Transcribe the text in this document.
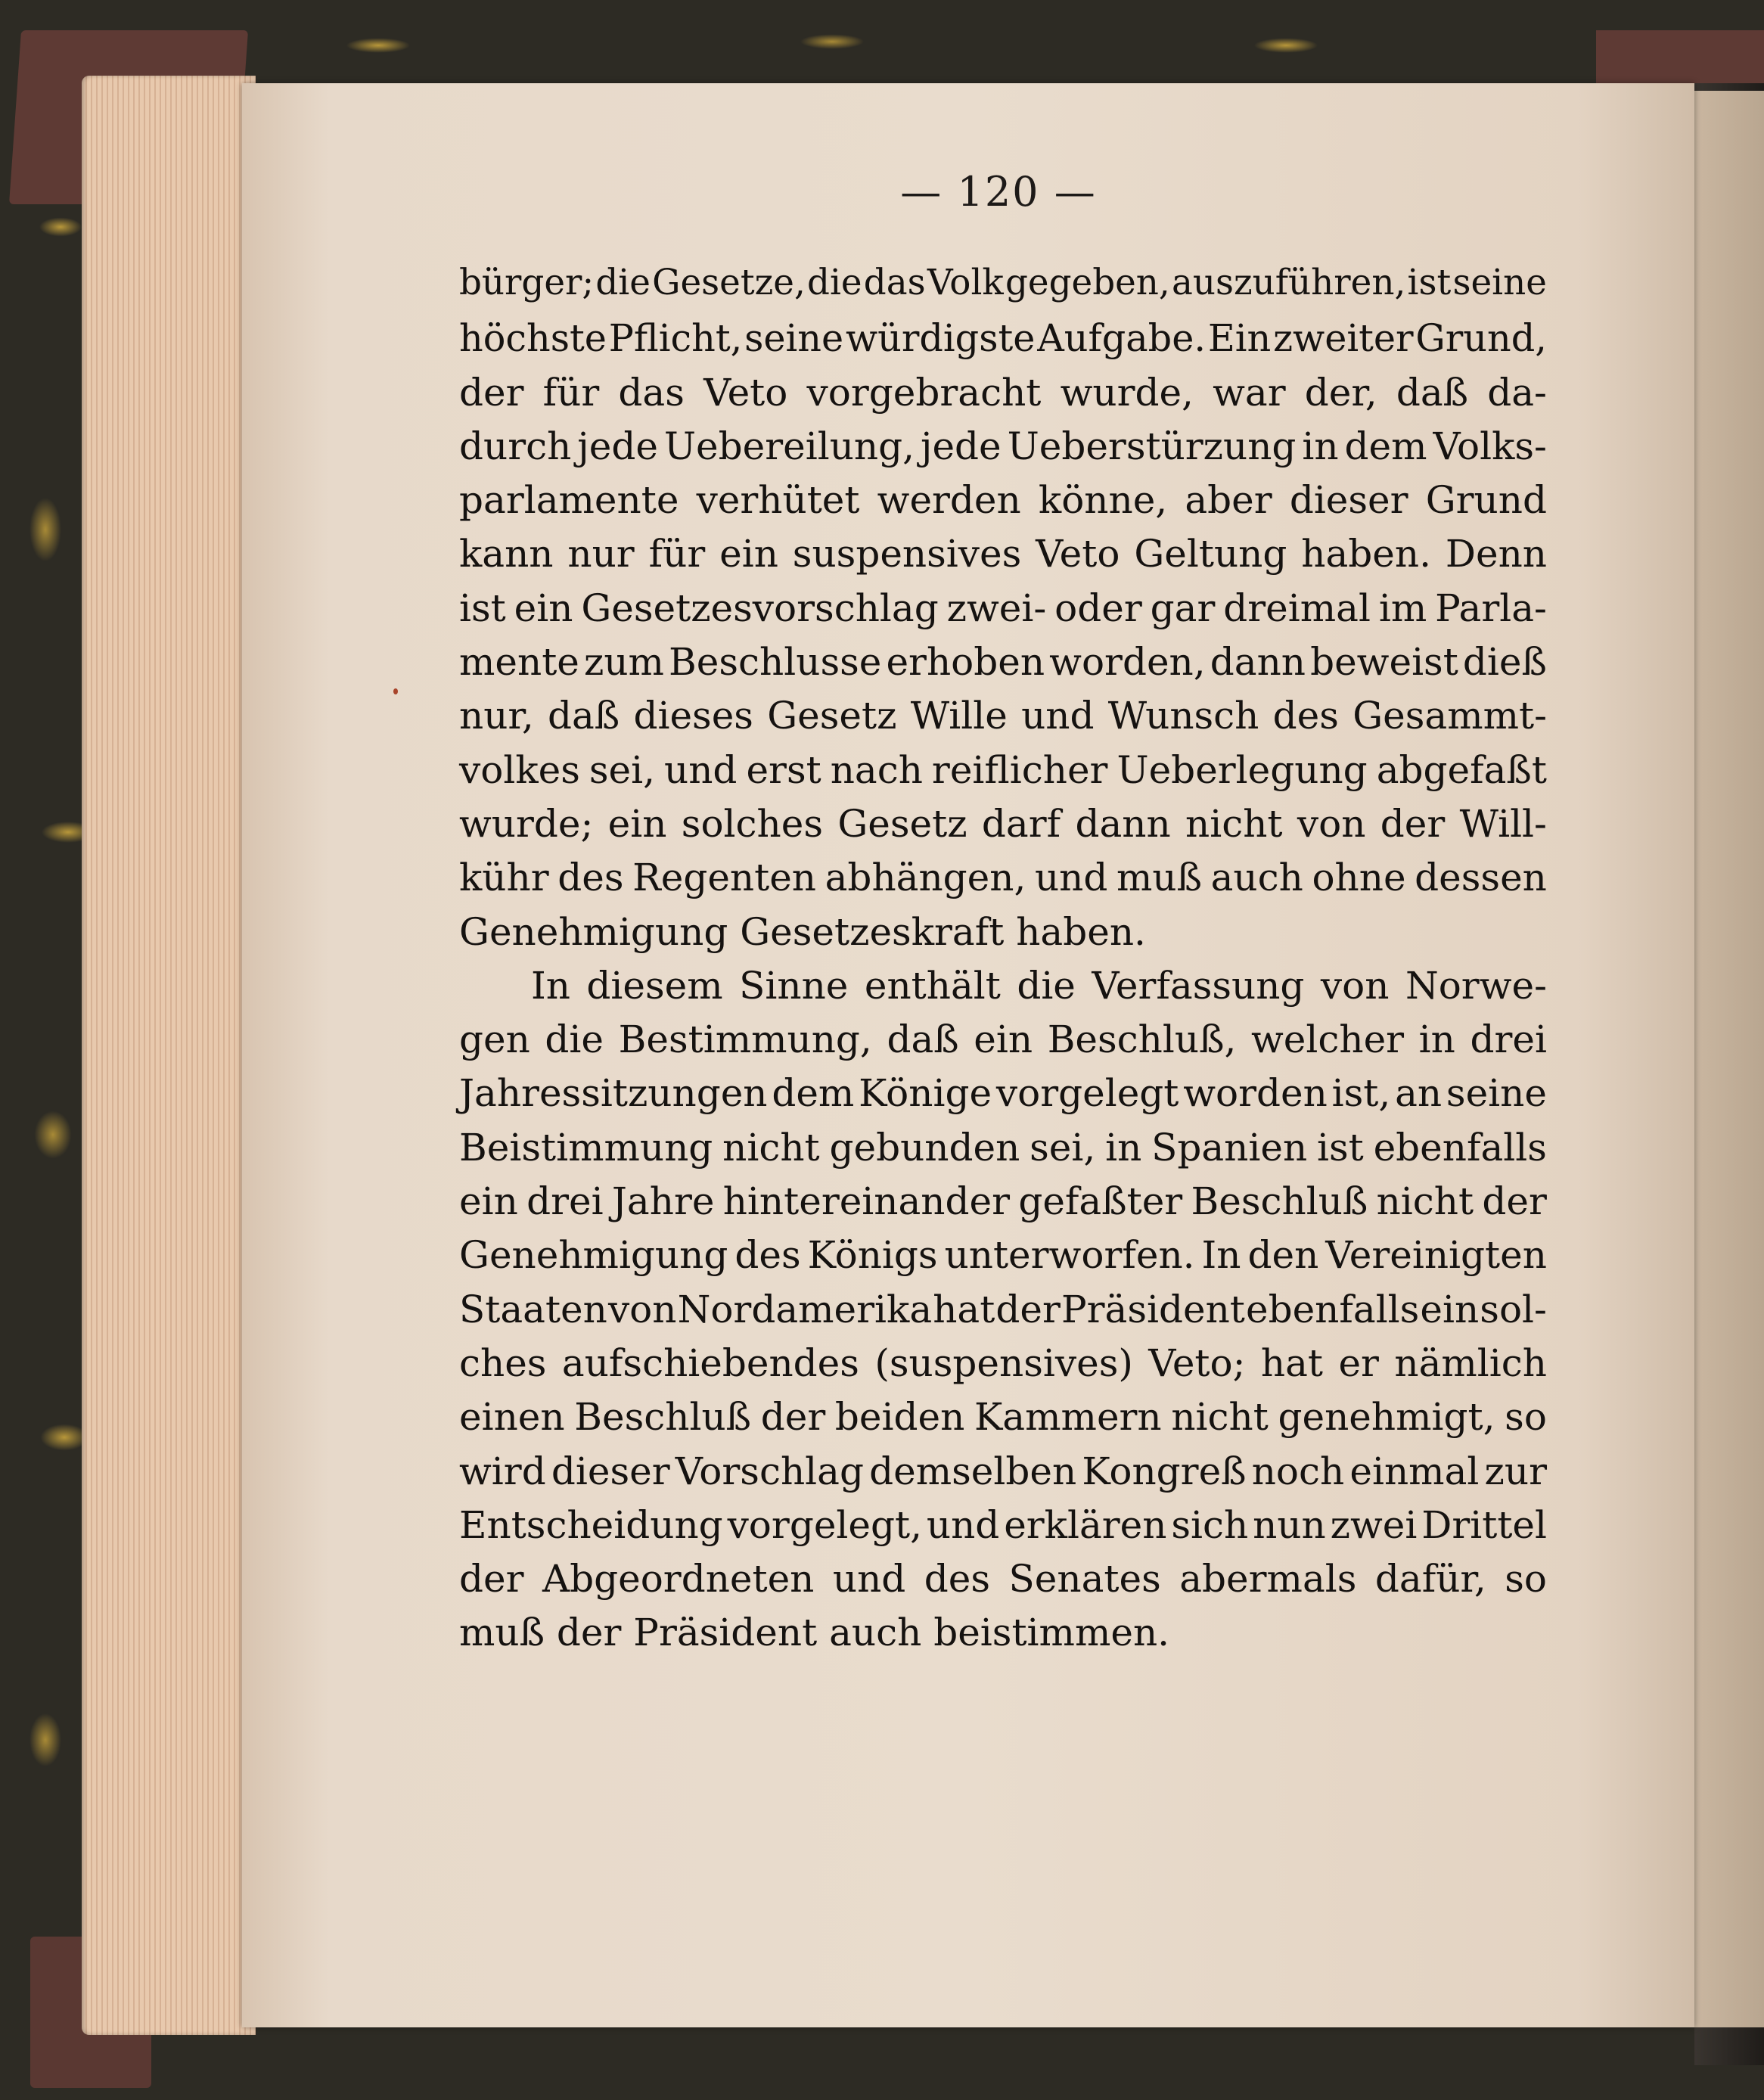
— 120 —
bürger; die Gesetze, die das Volk gegeben, auszuführen, ist seine
höchste Pflicht, seine würdigste Aufgabe. Ein zweiter Grund,
der für das Veto vorgebracht wurde, war der, daß da-
durch jede Uebereilung, jede Ueberstürzung in dem Volks-
parlamente verhütet werden könne, aber dieser Grund
kann nur für ein suspensives Veto Geltung haben. Denn
ist ein Gesetzesvorschlag zwei- oder gar dreimal im Parla-
mente zum Beschlusse erhoben worden, dann beweist dieß
nur, daß dieses Gesetz Wille und Wunsch des Gesammt-
volkes sei, und erst nach reiflicher Ueberlegung abgefaßt
wurde; ein solches Gesetz darf dann nicht von der Will-
kühr des Regenten abhängen, und muß auch ohne dessen
Genehmigung Gesetzeskraft haben.
In diesem Sinne enthält die Verfassung von Norwe-
gen die Bestimmung, daß ein Beschluß, welcher in drei
Jahressitzungen dem Könige vorgelegt worden ist, an seine
Beistimmung nicht gebunden sei, in Spanien ist ebenfalls
ein drei Jahre hintereinander gefaßter Beschluß nicht der
Genehmigung des Königs unterworfen. In den Vereinigten
Staaten von Nordamerika hat der Präsident ebenfalls ein sol-
ches aufschiebendes (suspensives) Veto; hat er nämlich
einen Beschluß der beiden Kammern nicht genehmigt, so
wird dieser Vorschlag demselben Kongreß noch einmal zur
Entscheidung vorgelegt, und erklären sich nun zwei Drittel
der Abgeordneten und des Senates abermals dafür, so
muß der Präsident auch beistimmen.
